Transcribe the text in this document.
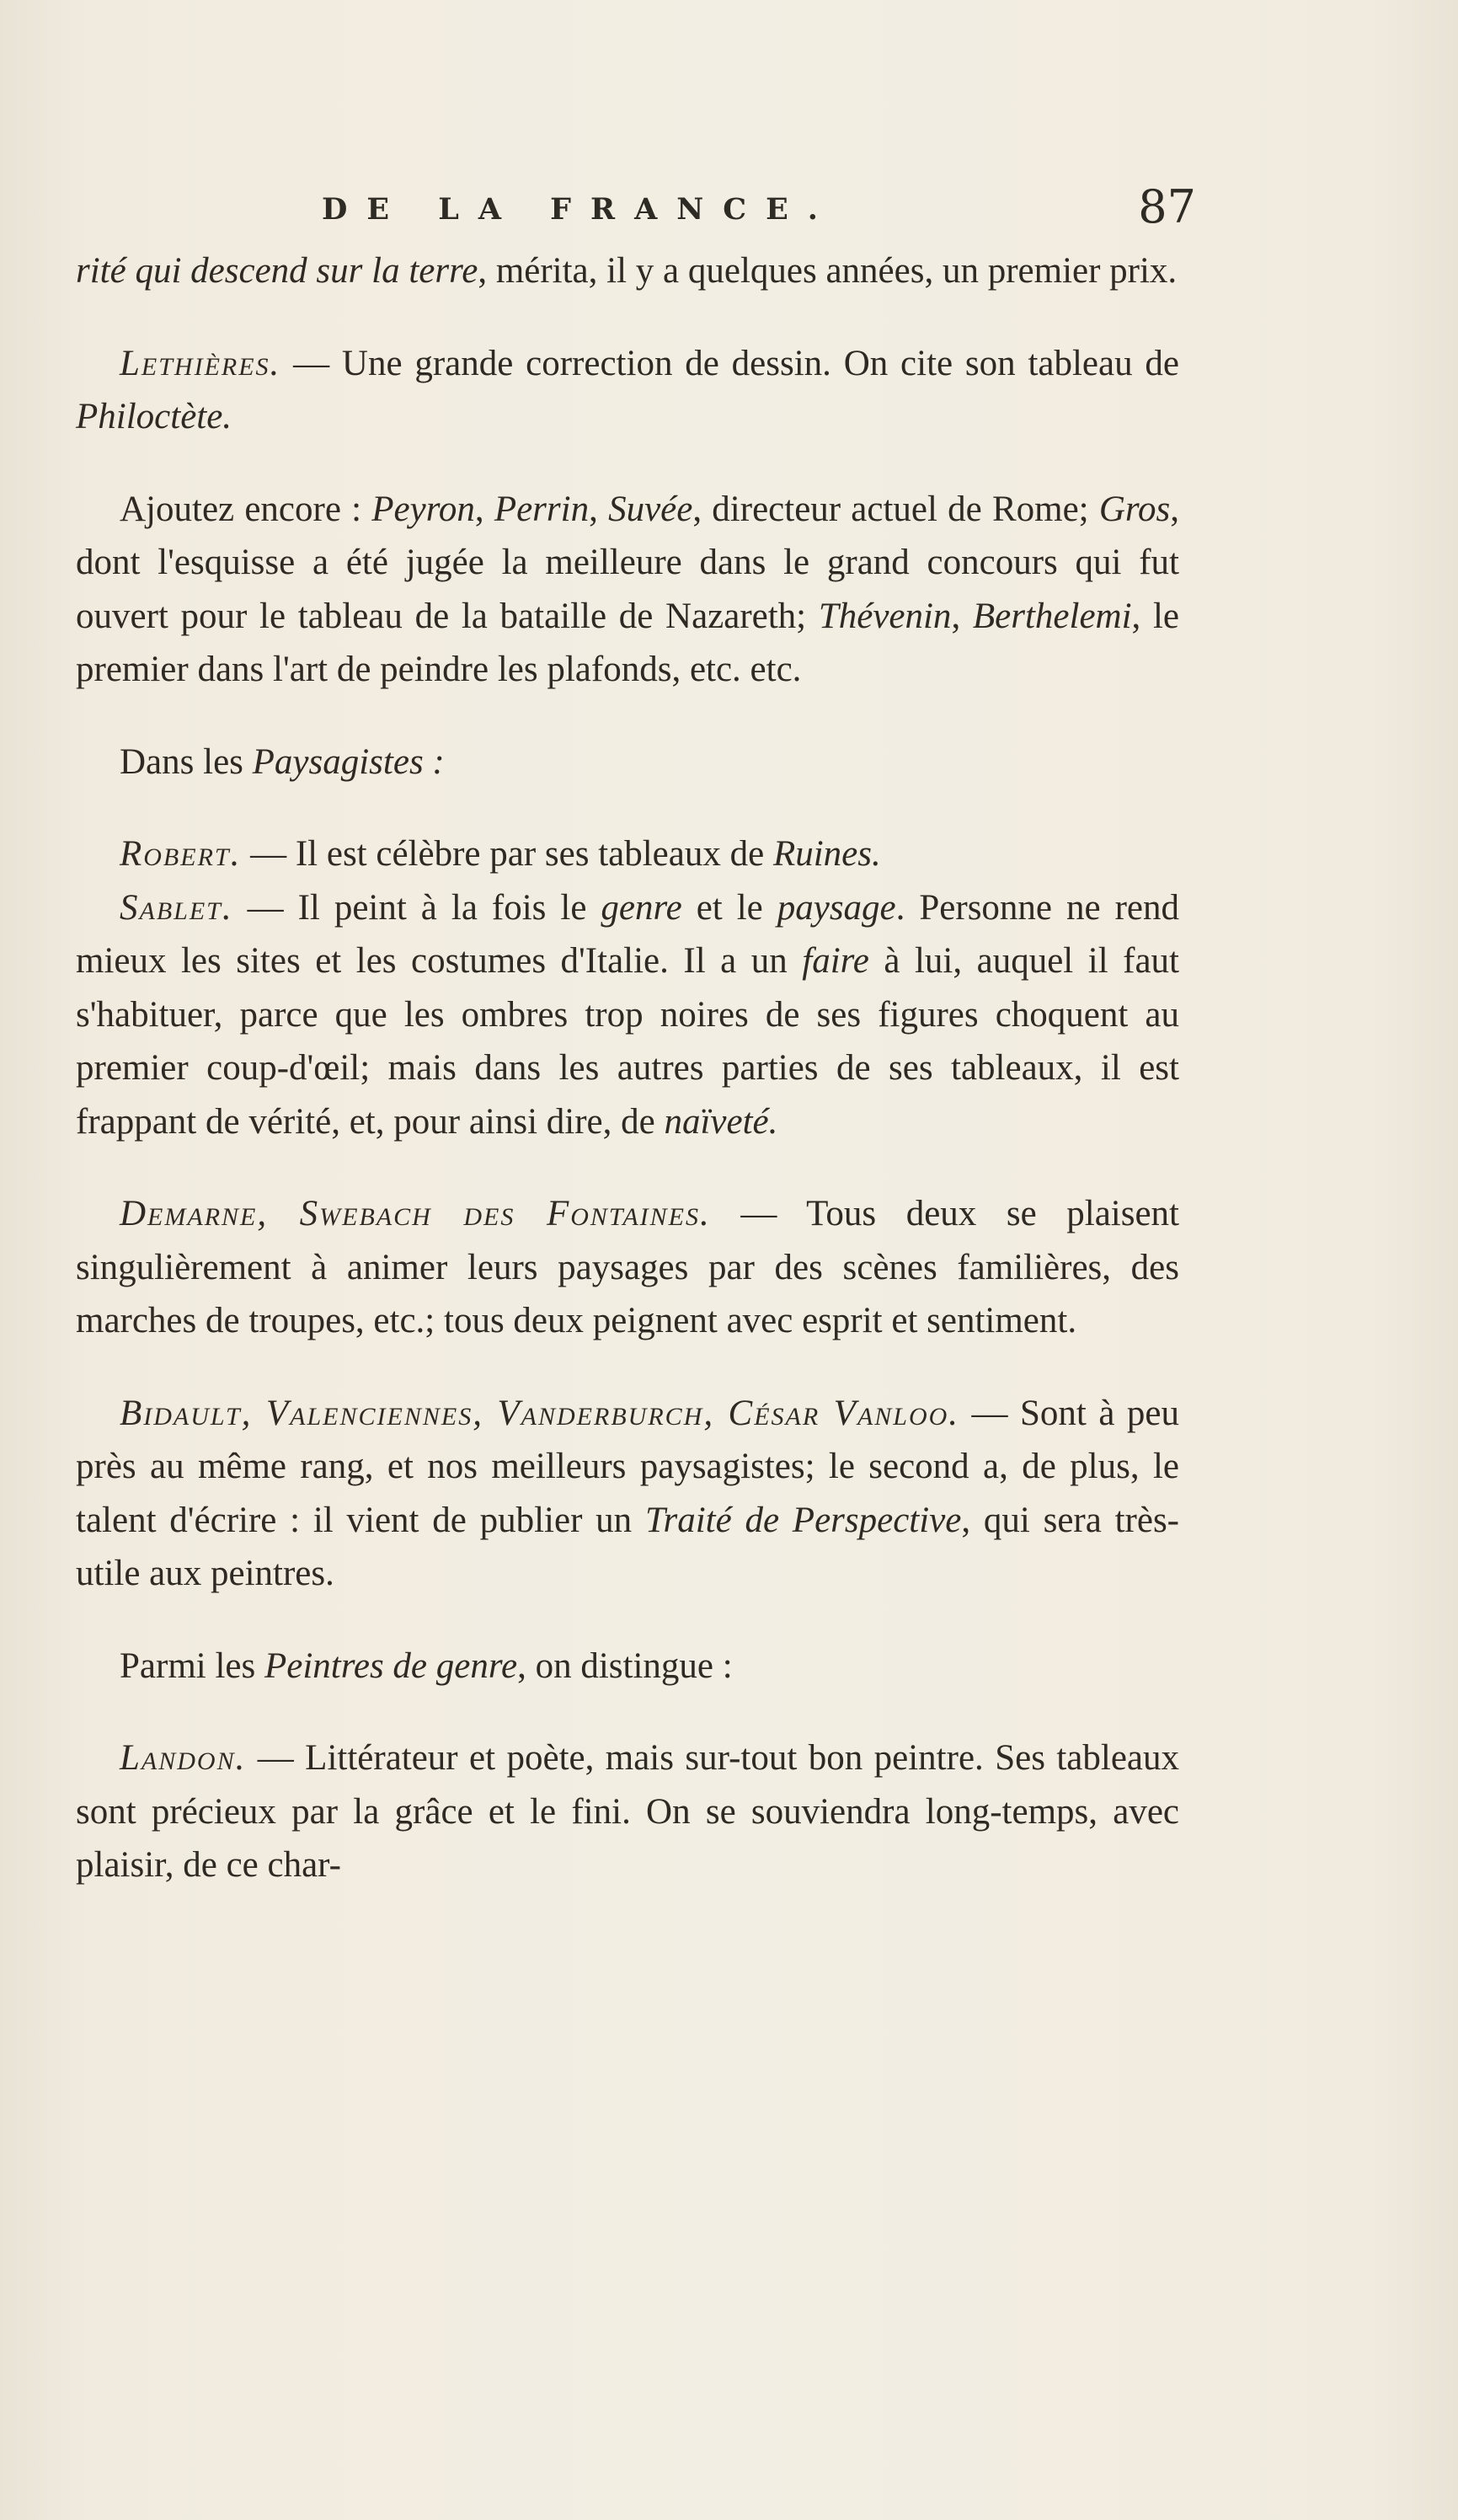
DE LA FRANCE.	87

rité qui descend sur la terre, mérita, il y a quelques années, un premier prix.

Lethières. — Une grande correction de dessin. On cite son tableau de Philoctète.

Ajoutez encore : Peyron, Perrin, Suvée, directeur actuel de Rome; Gros, dont l'esquisse a été jugée la meilleure dans le grand concours qui fut ouvert pour le tableau de la bataille de Nazareth; Thévenin, Berthelemi, le premier dans l'art de peindre les plafonds, etc. etc.

Dans les Paysagistes :

Robert. — Il est célèbre par ses tableaux de Ruines.

Sablet. — Il peint à la fois le genre et le paysage. Personne ne rend mieux les sites et les costumes d'Italie. Il a un faire à lui, auquel il faut s'habituer, parce que les ombres trop noires de ses figures choquent au premier coup-d'œil; mais dans les autres parties de ses tableaux, il est frappant de vérité, et, pour ainsi dire, de naïveté.

Demarne, Swebach des Fontaines. — Tous deux se plaisent singulièrement à animer leurs paysages par des scènes familières, des marches de troupes, etc.; tous deux peignent avec esprit et sentiment.

Bidault, Valenciennes, Vanderburch, César Vanloo. — Sont à peu près au même rang, et nos meilleurs paysagistes; le second a, de plus, le talent d'écrire : il vient de publier un Traité de Perspective, qui sera très-utile aux peintres.

Parmi les Peintres de genre, on distingue :

Landon. — Littérateur et poète, mais sur-tout bon peintre. Ses tableaux sont précieux par la grâce et le fini. On se souviendra long-temps, avec plaisir, de ce char-
